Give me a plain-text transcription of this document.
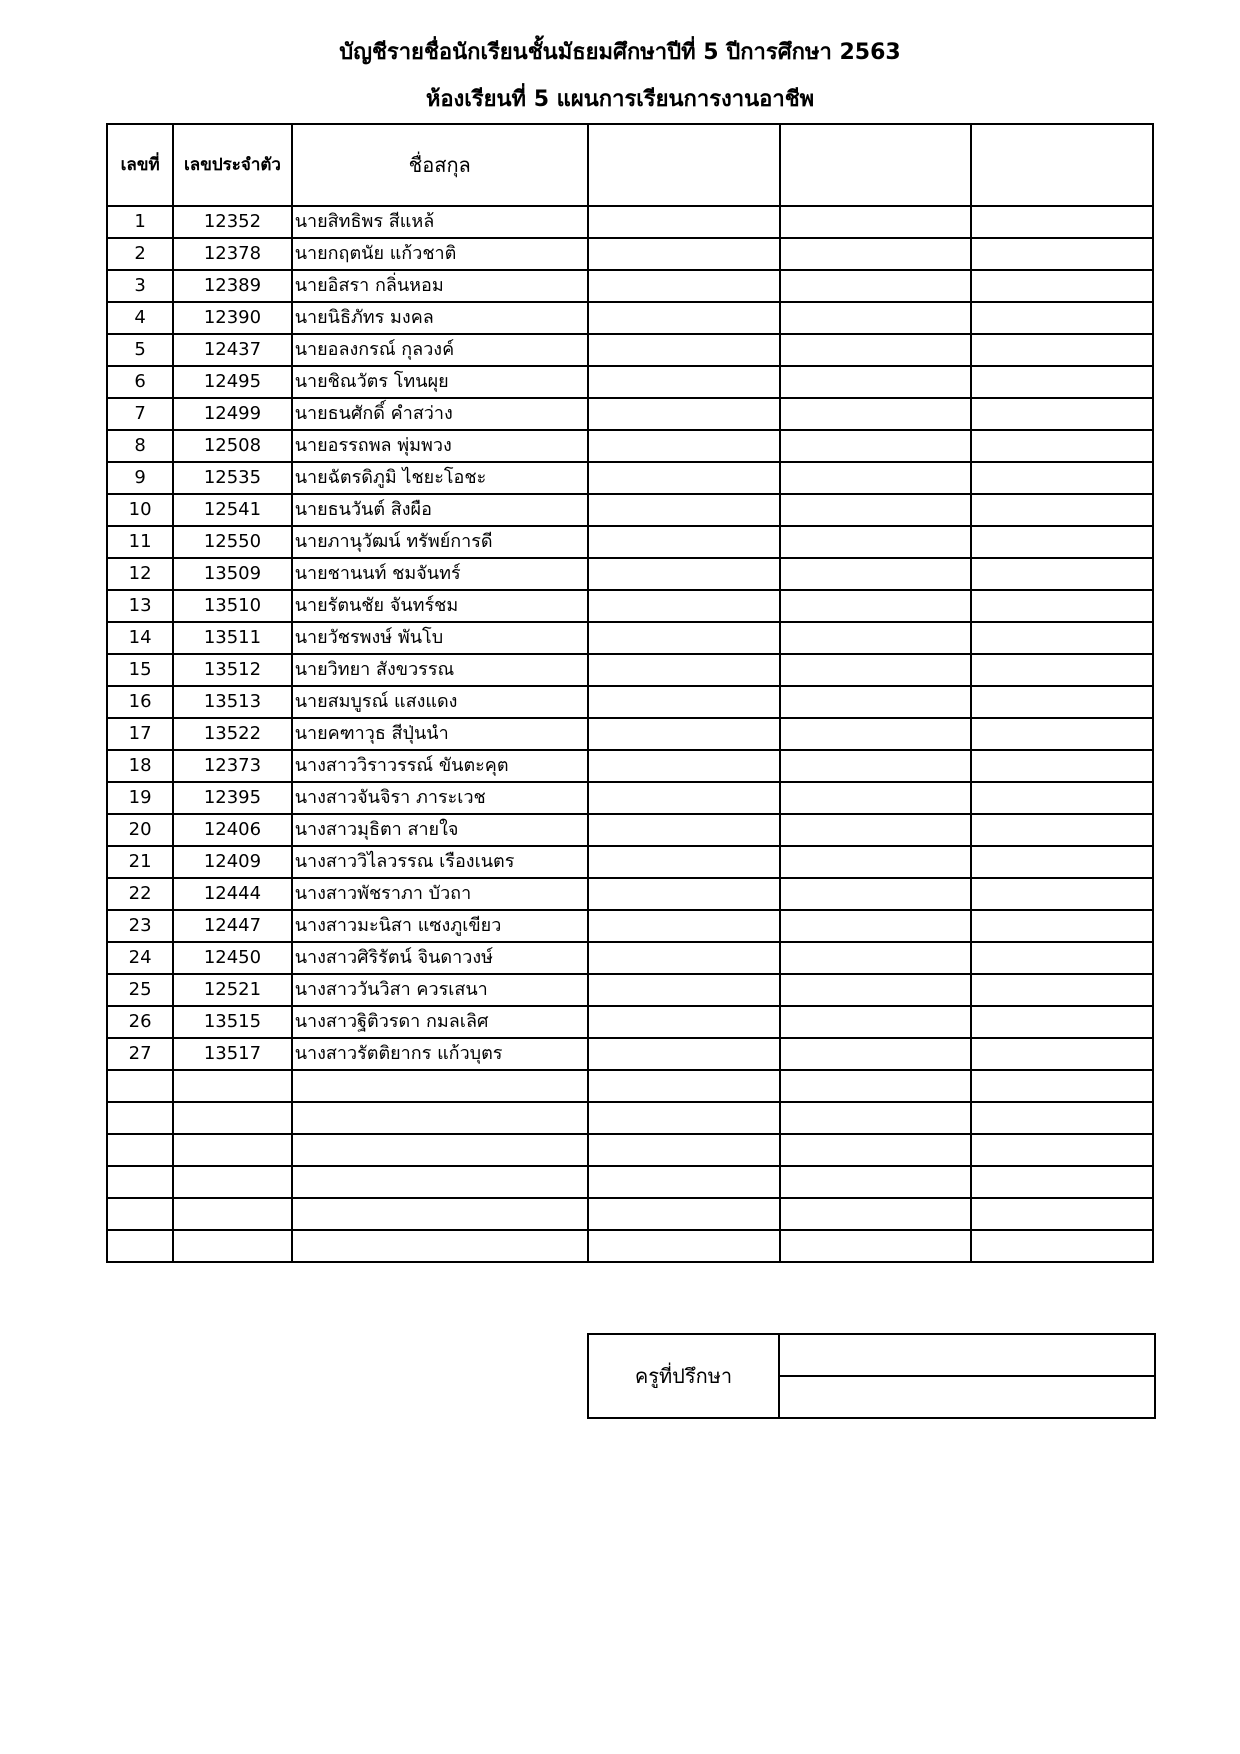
บัญชีรายชื่อนักเรียนชั้นมัธยมศึกษาปีที่ 5 ปีการศึกษา 2563
ห้องเรียนที่ 5 แผนการเรียนการงานอาชีพ
เลขที่	เลขประจำตัว	ชื่อสกุล			
1	12352	นายสิทธิพร สีแหล้			
2	12378	นายกฤตนัย แก้วชาติ			
3	12389	นายอิสรา กลิ่นหอม			
4	12390	นายนิธิภัทร มงคล			
5	12437	นายอลงกรณ์ กุลวงค์			
6	12495	นายชิณวัตร โทนผุย			
7	12499	นายธนศักดิ์ คำสว่าง			
8	12508	นายอรรถพล พุ่มพวง			
9	12535	นายฉัตรดิภูมิ ไชยะโอชะ			
10	12541	นายธนวันต์ สิงผือ			
11	12550	นายภานุวัฒน์ ทรัพย์การดี			
12	13509	นายชานนท์ ชมจันทร์			
13	13510	นายรัตนชัย จันทร์ชม			
14	13511	นายวัชรพงษ์ พันโบ			
15	13512	นายวิทยา สังขวรรณ			
16	13513	นายสมบูรณ์ แสงแดง			
17	13522	นายคฑาวุธ สีปุ่นนำ			
18	12373	นางสาววิราวรรณ์ ขันตะคุต			
19	12395	นางสาวจันจิรา ภาระเวช			
20	12406	นางสาวมุธิตา สายใจ			
21	12409	นางสาววิไลวรรณ เรืองเนตร			
22	12444	นางสาวพัชราภา บัวถา			
23	12447	นางสาวมะนิสา แซงภูเขียว			
24	12450	นางสาวศิริรัตน์ จินดาวงษ์			
25	12521	นางสาววันวิสา ควรเสนา			
26	13515	นางสาวฐิติวรดา กมลเลิศ			
27	13517	นางสาวรัตติยากร แก้วบุตร			

ครูที่ปรึกษา	
